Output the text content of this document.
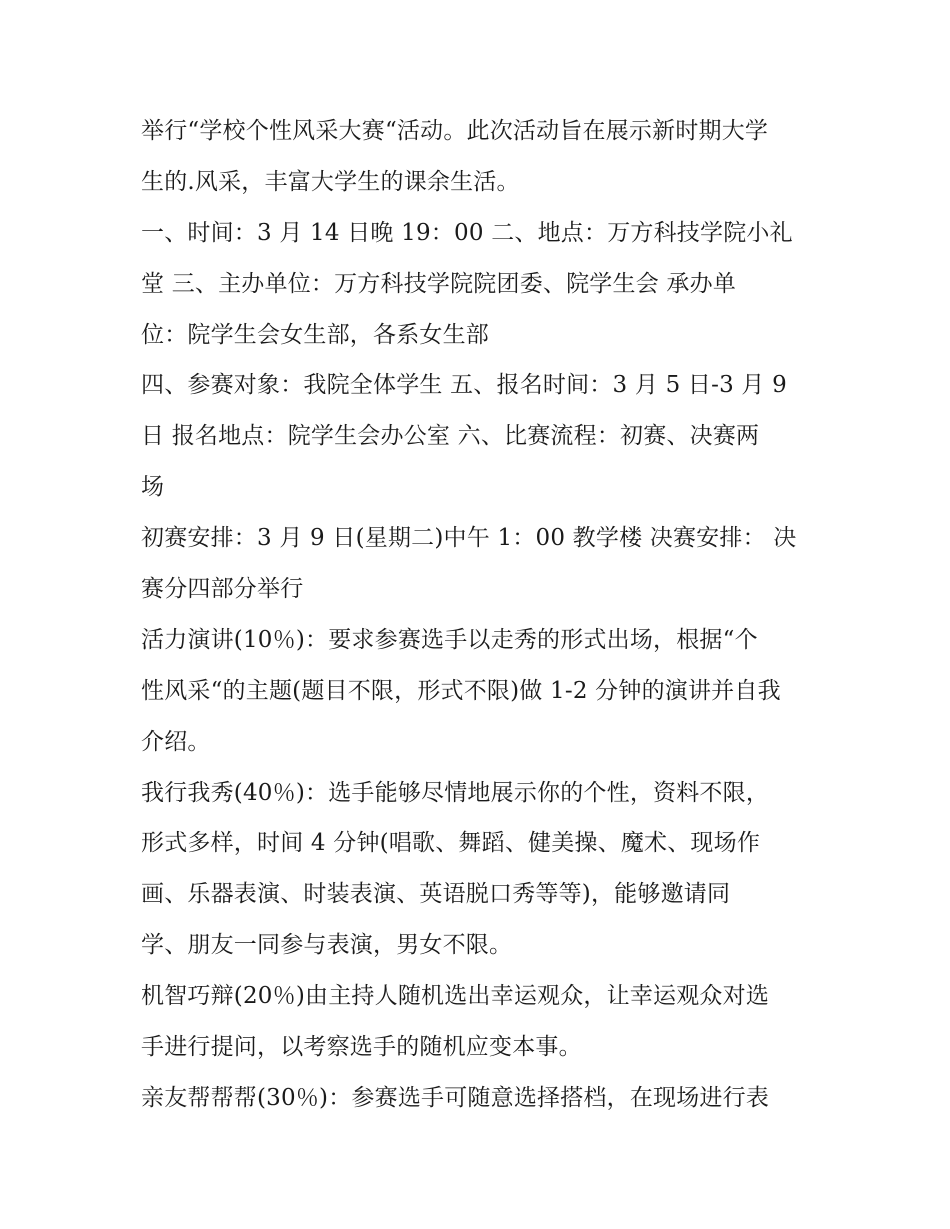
举行“学校个性风采大赛“活动。此次活动旨在展示新时期大学
生的.风采，丰富大学生的课余生活。
一、时间：3 月 14 日晚 19：00 二、地点：万方科技学院小礼
堂 三、主办单位：万方科技学院院团委、院学生会 承办单
位：院学生会女生部，各系女生部
四、参赛对象：我院全体学生 五、报名时间：3 月 5 日-3 月 9
日 报名地点：院学生会办公室 六、比赛流程：初赛、决赛两
场
初赛安排：3 月 9 日(星期二)中午 1：00 教学楼 决赛安排： 决
赛分四部分举行
活力演讲(10％)：要求参赛选手以走秀的形式出场，根据“个
性风采“的主题(题目不限，形式不限)做 1-2 分钟的演讲并自我
介绍。
我行我秀(40％)：选手能够尽情地展示你的个性，资料不限，
形式多样，时间 4 分钟(唱歌、舞蹈、健美操、魔术、现场作
画、乐器表演、时装表演、英语脱口秀等等)，能够邀请同
学、朋友一同参与表演，男女不限。
机智巧辩(20％)由主持人随机选出幸运观众，让幸运观众对选
手进行提问，以考察选手的随机应变本事。
亲友帮帮帮(30％)：参赛选手可随意选择搭档，在现场进行表
